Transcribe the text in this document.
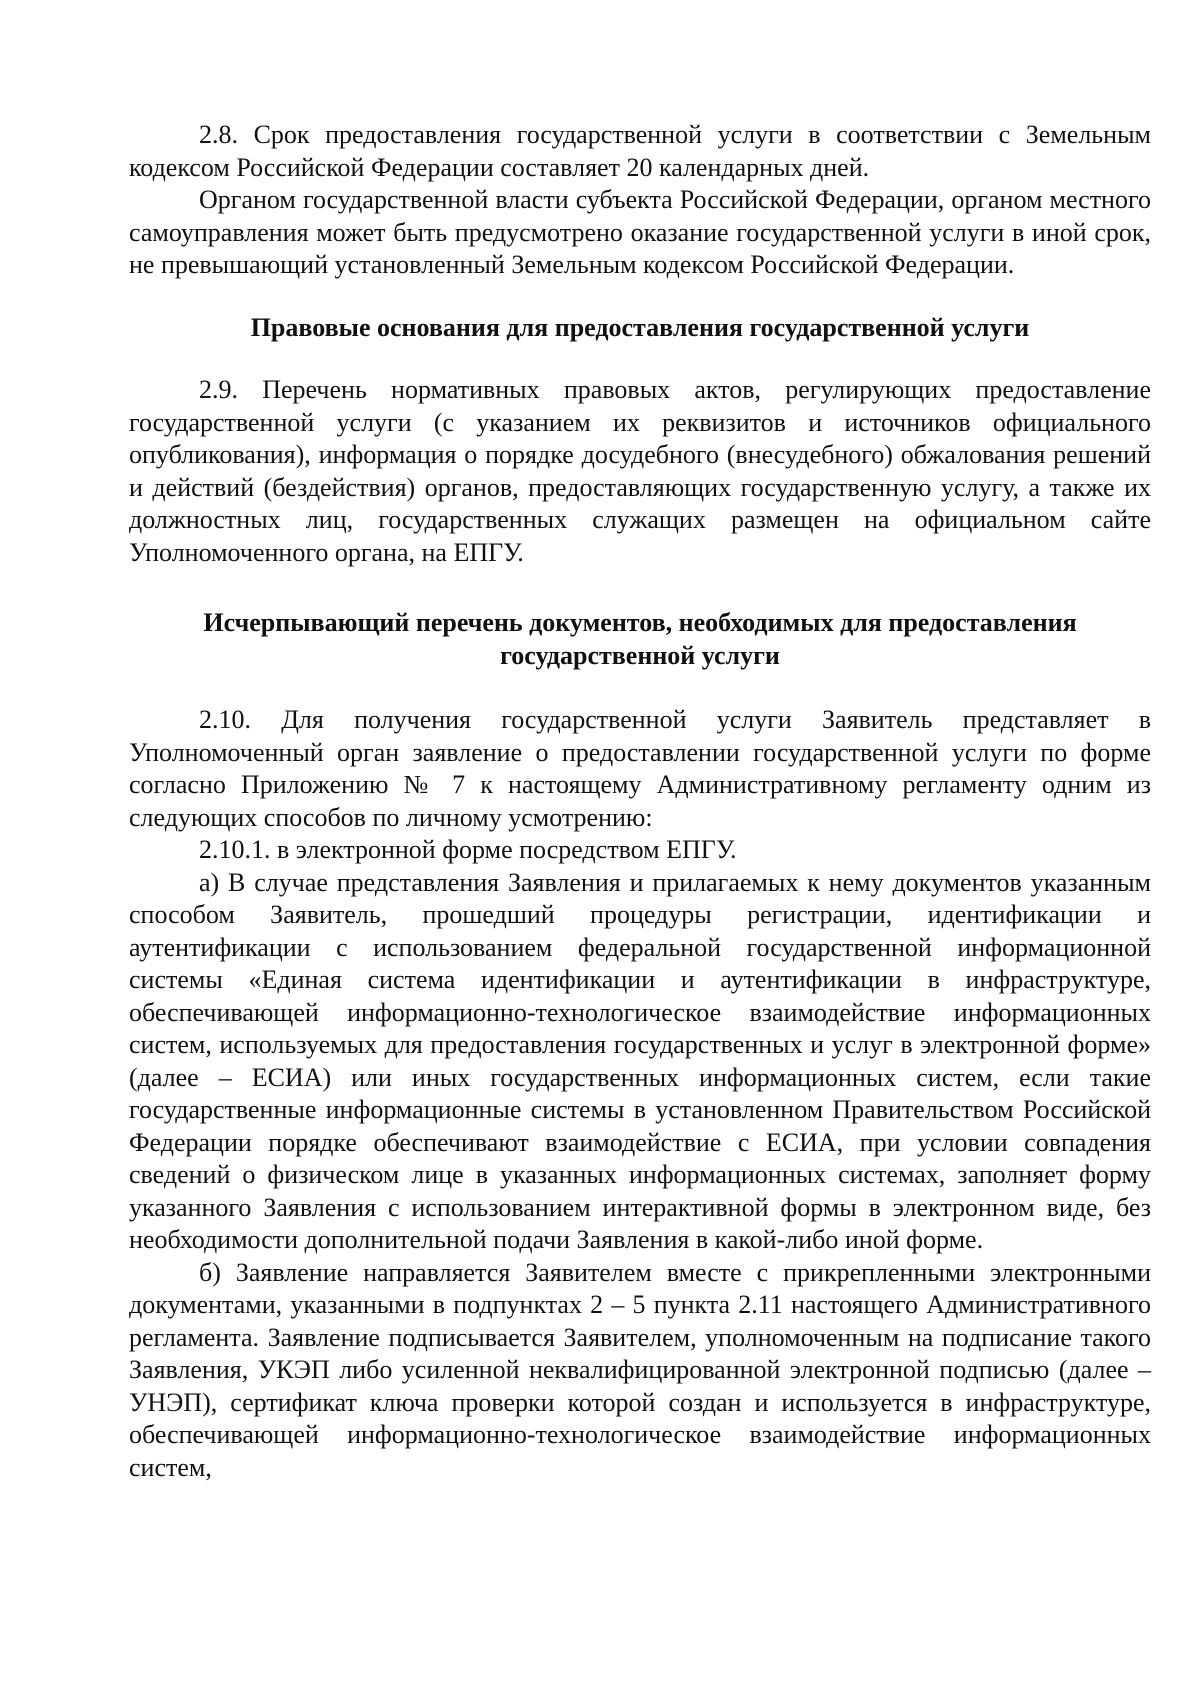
2.8. Срок предоставления государственной услуги в соответствии с Земельным кодексом Российской Федерации составляет 20 календарных дней.

Органом государственной власти субъекта Российской Федерации, органом местного самоуправления может быть предусмотрено оказание государственной услуги в иной срок, не превышающий установленный Земельным кодексом Российской Федерации.

Правовые основания для предоставления государственной услуги

2.9. Перечень нормативных правовых актов, регулирующих предоставление государственной услуги (с указанием их реквизитов и источников официального опубликования), информация о порядке досудебного (внесудебного) обжалования решений и действий (бездействия) органов, предоставляющих государственную услугу, а также их должностных лиц, государственных служащих размещен на официальном сайте Уполномоченного органа, на ЕПГУ.

Исчерпывающий перечень документов, необходимых для предоставления государственной услуги

2.10. Для получения государственной услуги Заявитель представляет в Уполномоченный орган заявление о предоставлении государственной услуги по форме согласно Приложению № 7 к настоящему Административному регламенту одним из следующих способов по личному усмотрению:

2.10.1. в электронной форме посредством ЕПГУ.

а) В случае представления Заявления и прилагаемых к нему документов указанным способом Заявитель, прошедший процедуры регистрации, идентификации и аутентификации с использованием федеральной государственной информационной системы «Единая система идентификации и аутентификации в инфраструктуре, обеспечивающей информационно-технологическое взаимодействие информационных систем, используемых для предоставления государственных и услуг в электронной форме» (далее – ЕСИА) или иных государственных информационных систем, если такие государственные информационные системы в установленном Правительством Российской Федерации порядке обеспечивают взаимодействие с ЕСИА, при условии совпадения сведений о физическом лице в указанных информационных системах, заполняет форму указанного Заявления с использованием интерактивной формы в электронном виде, без необходимости дополнительной подачи Заявления в какой-либо иной форме.

б) Заявление направляется Заявителем вместе с прикрепленными электронными документами, указанными в подпунктах 2 – 5 пункта 2.11 настоящего Административного регламента. Заявление подписывается Заявителем, уполномоченным на подписание такого Заявления, УКЭП либо усиленной неквалифицированной электронной подписью (далее – УНЭП), сертификат ключа проверки которой создан и используется в инфраструктуре, обеспечивающей информационно-технологическое взаимодействие информационных систем,
